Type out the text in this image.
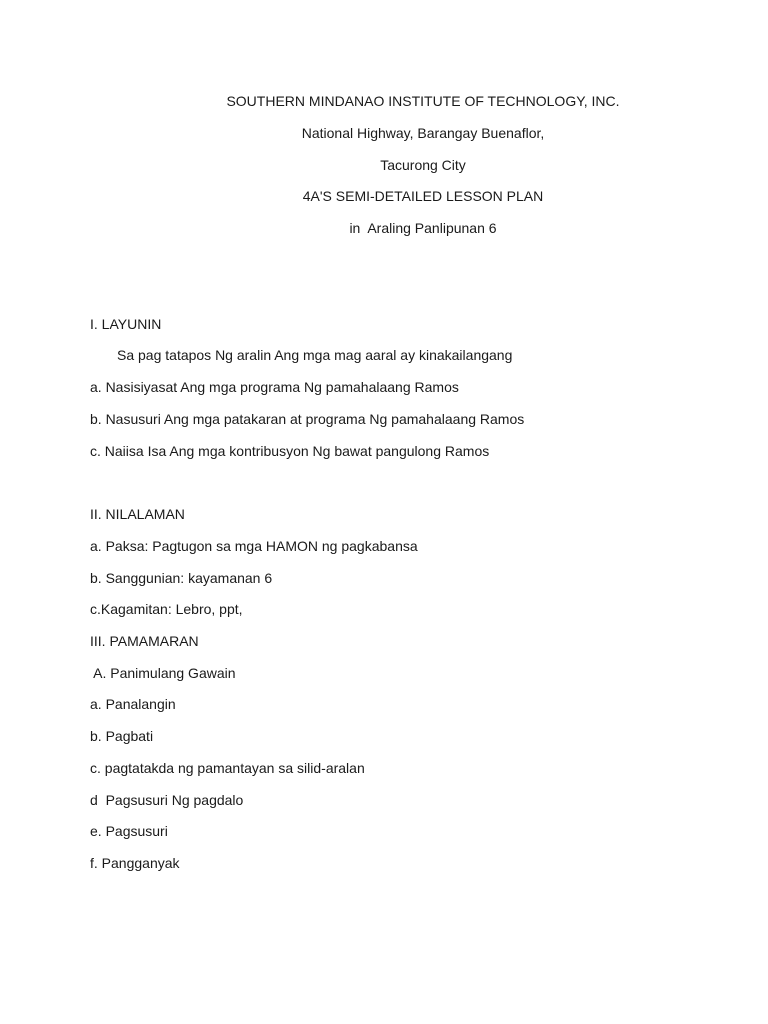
SOUTHERN MINDANAO INSTITUTE OF TECHNOLOGY, INC.
National Highway, Barangay Buenaflor,
Tacurong City
4A'S SEMI-DETAILED LESSON PLAN
in  Araling Panlipunan 6
I. LAYUNIN
Sa pag tatapos Ng aralin Ang mga mag aaral ay kinakailangang
a. Nasisiyasat Ang mga programa Ng pamahalaang Ramos
b. Nasusuri Ang mga patakaran at programa Ng pamahalaang Ramos
c. Naiisa Isa Ang mga kontribusyon Ng bawat pangulong Ramos
II. NILALAMAN
a. Paksa: Pagtugon sa mga HAMON ng pagkabansa
b. Sanggunian: kayamanan 6
c.Kagamitan: Lebro, ppt,
III. PAMAMARAN
A. Panimulang Gawain
a. Panalangin
b. Pagbati
c. pagtatakda ng pamantayan sa silid-aralan
d  Pagsusuri Ng pagdalo
e. Pagsusuri
f. Pangganyak
